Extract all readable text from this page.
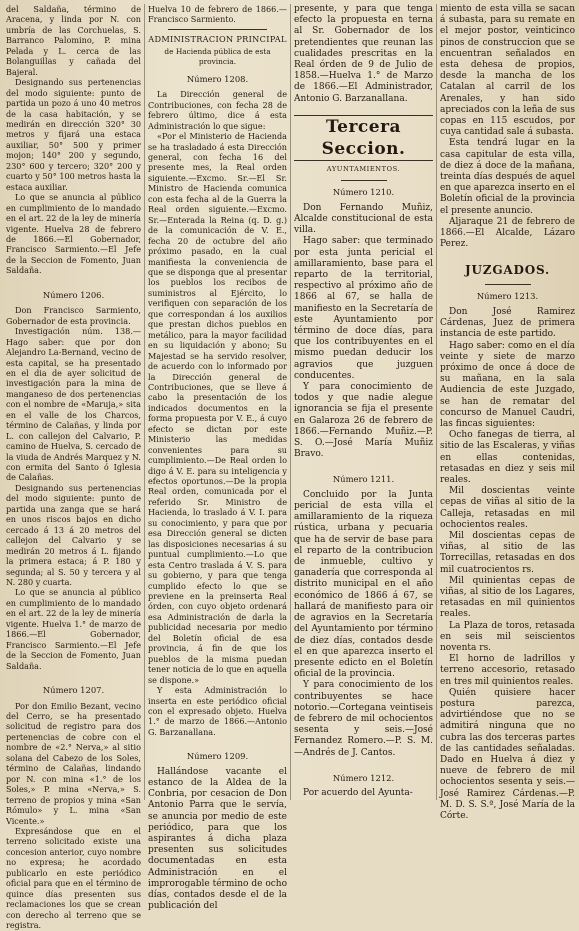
del Saldaña, término de Aracena, y linda por N. con umbría de las Corchuelas, S. Barranco Palomino, P. mina Pelada y L. cerca de las Bolanguillas y cañada del Bajeral.

Designando sus pertenencias del modo siguiente: punto de partida un pozo á uno 40 metros de la casa habitación, y se medirán en dirección 320° 30 metros y fijará una estaca auxiliar, 50° 500 y primer mojon; 140° 200 y segundo, 230° 600 y tercero; 320° 200 y cuarto y 50° 100 metros hasta la estaca auxiliar.

Lo que se anuncia al público en cumplimiento de lo mandado en el art. 22 de la ley de minería vigente. Huelva 28 de febrero de 1866.—El Gobernador, Francisco Sarmiento.—El Jefe de la Seccion de Fomento, Juan Saldaña.

Número 1206.

Don Francisco Sarmiento, Gobernador de esta provincia.

Investigación núm. 138.—Hago saber: que por don Alejandro La-Bernand, vecino de esta capital, se ha presentado en el dia de ayer solicitud de investigación para la mina de manganeso de dos pertenencias con el nombre de «Maruja,» sita en el valle de los Charcos, término de Calañas, y linda por L. con callejon del Calvario, P. camino de Huelva, S. cercado de la viuda de Andrés Marquez y N. con ermita del Santo ó Iglesia de Calañas.

Designando sus pertenencias del modo siguiente: punto de partida una zanga que se hará en unos riscos bajos en dicho cercado á 13 á 20 metros del callejon del Calvario y se medirán 20 metros á L. fijando la primera estaca; á P. 180 y segunda; al S. 50 y tercera y al N. 280 y cuarta.

Lo que se anuncia al público en cumplimiento de lo mandado en el art. 22 de la ley de minería vigente. Huelva 1.° de marzo de 1866.—El Gobernador, Francisco Sarmiento.—El Jefe de la Seccion de Fomento, Juan Saldaña.

Número 1207.

Por don Emilio Bezant, vecino del Cerro, se ha presentado solicitud de registro para dos pertenencias de cobre con el nombre de «2.° Nerva,» al sitio solana del Cabezo de los Soles, término de Calañas, lindando por N. con mina «1.° de los Soles,» P. mina «Nerva,» S. terreno de propios y mina «San Rómulo» y L. mina «San Vicente.»

Expresándose que en el terreno solicitado existe una concesion anterior, cuyo nombre no expresa; he acordado publicarlo en este periódico oficial para que en el término de quince días presenten sus reclamaciones los que se crean con derecho al terreno que se registra.

Huelva 10 de febrero de 1866.—Francisco Sarmiento.

ADMINISTRACION PRINCIPAL
de Hacienda pública de esta provincia.
Número 1208.

La Dirección general de Contribuciones, con fecha 28 de febrero último, dice á esta Administración lo que sigue:

«Por el Ministerio de Hacienda se ha trasladado á esta Dirección general, con fecha 16 del presente mes, la Real orden siguiente.—Excmo. Sr.—El Sr. Ministro de Hacienda comunica con esta fecha al de la Guerra la Real orden siguiente.—Excmo. Sr.—Enterada la Reina (q. D. g.) de la comunicación de V. E., fecha 20 de octubre del año próximo pasado, en la cual manifiesta la conveniencia de que se disponga que al presentar los pueblos los recibos de suministros al Ejército, lo verifiquen con separación de los que correspondan á los auxilios que prestan dichos pueblos en metálico, para la mayor facilidad en su liquidación y abono; Su Majestad se ha servido resolver, de acuerdo con lo informado por la Dirección general de Contribuciones, que se lleve á cabo la presentación de los indicados documentos en la forma propuesta por V. E., á cuyo efecto se dictan por este Ministerio las medidas convenientes para su cumplimiento.—De Real orden lo digo á V. E. para su inteligencia y efectos oportunos.—De la propia Real orden, comunicada por el referido Sr. Ministro de Hacienda, lo traslado á V. I. para su conocimiento, y para que por esa Dirección general se dicten las disposiciones necesarias á su puntual cumplimiento.—Lo que esta Centro traslada á V. S. para su gobierno, y para que tenga cumplido efecto lo que se previene en la preinserta Real órden, con cuyo objeto ordenará esa Administración de darla la publicidad necesaria por medio del Boletín oficial de esa provincia, á fin de que los pueblos de la misma puedan tener noticia de lo que en aquella se dispone.»

Y esta Administración lo inserta en este periódico oficial con el expresado objeto. Huelva 1.° de marzo de 1866.—Antonio G. Barzanallana.

Número 1209.

Hallándose vacante el estanco de la Aldea de la Conbria, por cesacion de Don Antonio Parra que le servía, se anuncia por medio de este periódico, para que los aspirantes á dicha plaza presenten sus solicitudes documentadas en esta Administración en el improrogable término de ocho días, contados desde el de la publicación del

presente, y para que tenga efecto la propuesta en terna al Sr. Gobernador de los pretendientes que reunan las cualidades prescritas en la Real órden de 9 de Julio de 1858.—Huelva 1.° de Marzo de 1866.—El Administrador, Antonio G. Barzanallana.

Tercera Seccion.
AYUNTAMIENTOS.
Número 1210.

Don Fernando Muñiz, Alcalde constitucional de esta villa.

Hago saber: que terminado por esta junta pericial el amillaramiento, base para el reparto de la territorial, respectivo al próximo año de 1866 al 67, se halla de manifiesto en la Secretaría de este Ayuntamiento por término de doce días, para que los contribuyentes en el mismo puedan deducir los agravios que juzguen conducentes.

Y para conocimiento de todos y que nadie alegue ignorancia se fija el presente en Galaroza 26 de febrero de 1866.—Fernando Muñiz.—P. S. O.—José María Muñiz Bravo.

Número 1211.

Concluido por la Junta pericial de esta villa el amillaramiento de la riqueza rústica, urbana y pecuaria que ha de servir de base para el reparto de la contribucion de inmueble, cultivo y ganadería que corresponda al distrito municipal en el año económico de 1866 á 67, se hallará de manifiesto para oir de agravios en la Secretaría del Ayuntamiento por término de diez días, contados desde el en que aparezca inserto el presente edicto en el Boletín oficial de la provincia.

Y para conocimiento de los contribuyentes se hace notorio.—Cortegana veintiseis de febrero de mil ochocientos sesenta y seis.—José Fernandez Romero.—P. S. M.—Andrés de J. Cantos.

Número 1212.

Por acuerdo del Ayunta-

miento de esta villa se sacan á subasta, para su remate en el mejor postor, veinticinco pinos de construccion que se encuentran señalados en esta dehesa de propios, desde la mancha de los Catalan al carril de los Arenales, y han sido apreciados con la leña de sus copas en 115 escudos, por cuya cantidad sale á subasta.

Esta tendrá lugar en la casa capitular de esta villa, de diez á doce de la mañana, treinta días después de aquel en que aparezca inserto en el Boletín oficial de la provincia el presente anuncio.

Aljaraque 21 de febrero de 1866.—El Alcalde, Lázaro Perez.

JUZGADOS.
Número 1213.

Don José Ramirez Cárdenas, Juez de primera instancia de este partido.

Hago saber: como en el día veinte y siete de marzo próximo de once á doce de su mañana, en la sala Audiencia de este Juzgado, se han de rematar del concurso de Manuel Caudri, las fincas siguientes:

Ocho fanegas de tierra, al sitio de las Escaleras, y viñas en ellas contenidas, retasadas en diez y seis mil reales.

Mil doscientas veinte cepas de viñas al sitio de la Calleja, retasadas en mil ochocientos reales.

Mil doscientas cepas de viñas, al sitio de las Torrecillas, retasadas en dos mil cuatrocientos rs.

Mil quinientas cepas de viñas, al sitio de los Lagares, retasadas en mil quinientos reales.

La Plaza de toros, retasada en seis mil seiscientos noventa rs.

El horno de ladrillos y terreno accesorio, retasado en tres mil quinientos reales.

Quién quisiere hacer postura parezca, advirtiéndose que no se admitirá ninguna que no cubra las dos terceras partes de las cantidades señaladas. Dado en Huelva á diez y nueve de febrero de mil ochocientos sesenta y seis.—José Ramirez Cárdenas.—P. M. D. S. S.ª, José María de la Córte.
